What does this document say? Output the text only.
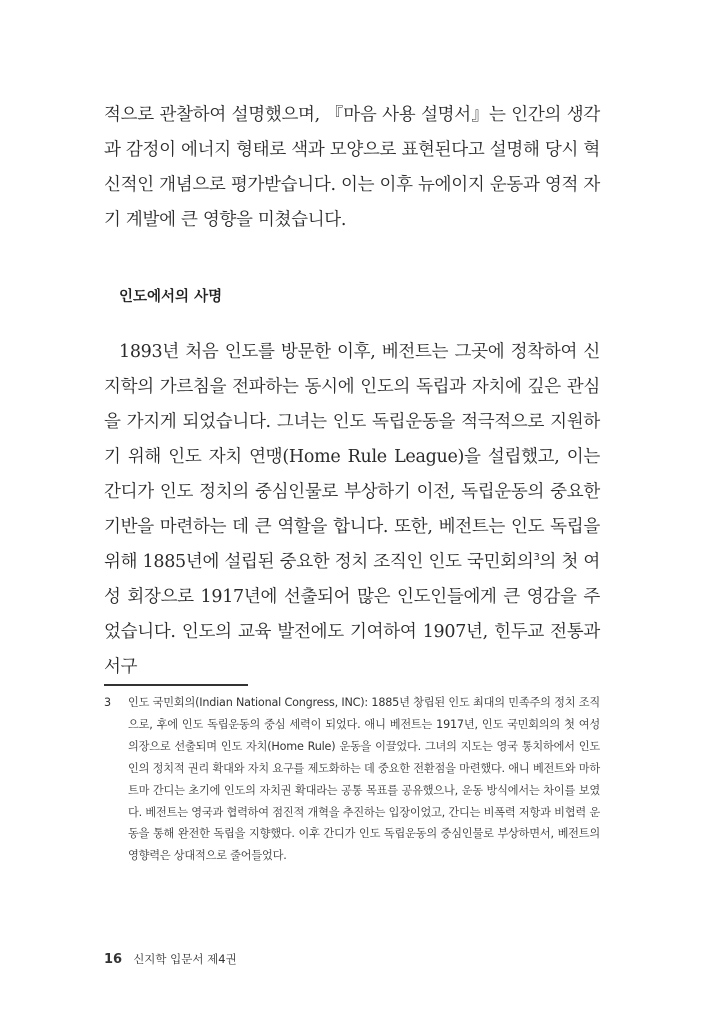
적으로 관찰하여 설명했으며, 『마음 사용 설명서』는 인간의 생각과 감정이 에너지 형태로 색과 모양으로 표현된다고 설명해 당시 혁신적인 개념으로 평가받습니다. 이는 이후 뉴에이지 운동과 영적 자기 계발에 큰 영향을 미쳤습니다.

인도에서의 사명

1893년 처음 인도를 방문한 이후, 베전트는 그곳에 정착하여 신지학의 가르침을 전파하는 동시에 인도의 독립과 자치에 깊은 관심을 가지게 되었습니다. 그녀는 인도 독립운동을 적극적으로 지원하기 위해 인도 자치 연맹(Home Rule League)을 설립했고, 이는 간디가 인도 정치의 중심인물로 부상하기 이전, 독립운동의 중요한 기반을 마련하는 데 큰 역할을 합니다. 또한, 베전트는 인도 독립을 위해 1885년에 설립된 중요한 정치 조직인 인도 국민회의$^3$의 첫 여성 회장으로 1917년에 선출되어 많은 인도인들에게 큰 영감을 주었습니다. 인도의 교육 발전에도 기여하여 1907년, 힌두교 전통과 서구

3 인도 국민회의(Indian National Congress, INC): 1885년 창립된 인도 최대의 민족주의 정치 조직으로, 후에 인도 독립운동의 중심 세력이 되었다. 애니 베전트는 1917년, 인도 국민회의의 첫 여성 의장으로 선출되며 인도 자치(Home Rule) 운동을 이끌었다. 그녀의 지도는 영국 통치하에서 인도인의 정치적 권리 확대와 자치 요구를 제도화하는 데 중요한 전환점을 마련했다. 애니 베전트와 마하트마 간디는 초기에 인도의 자치권 확대라는 공통 목표를 공유했으나, 운동 방식에서는 차이를 보였다. 베전트는 영국과 협력하여 점진적 개혁을 추진하는 입장이었고, 간디는 비폭력 저항과 비협력 운동을 통해 완전한 독립을 지향했다. 이후 간디가 인도 독립운동의 중심인물로 부상하면서, 베전트의 영향력은 상대적으로 줄어들었다.
16 신지학 입문서 제4권
